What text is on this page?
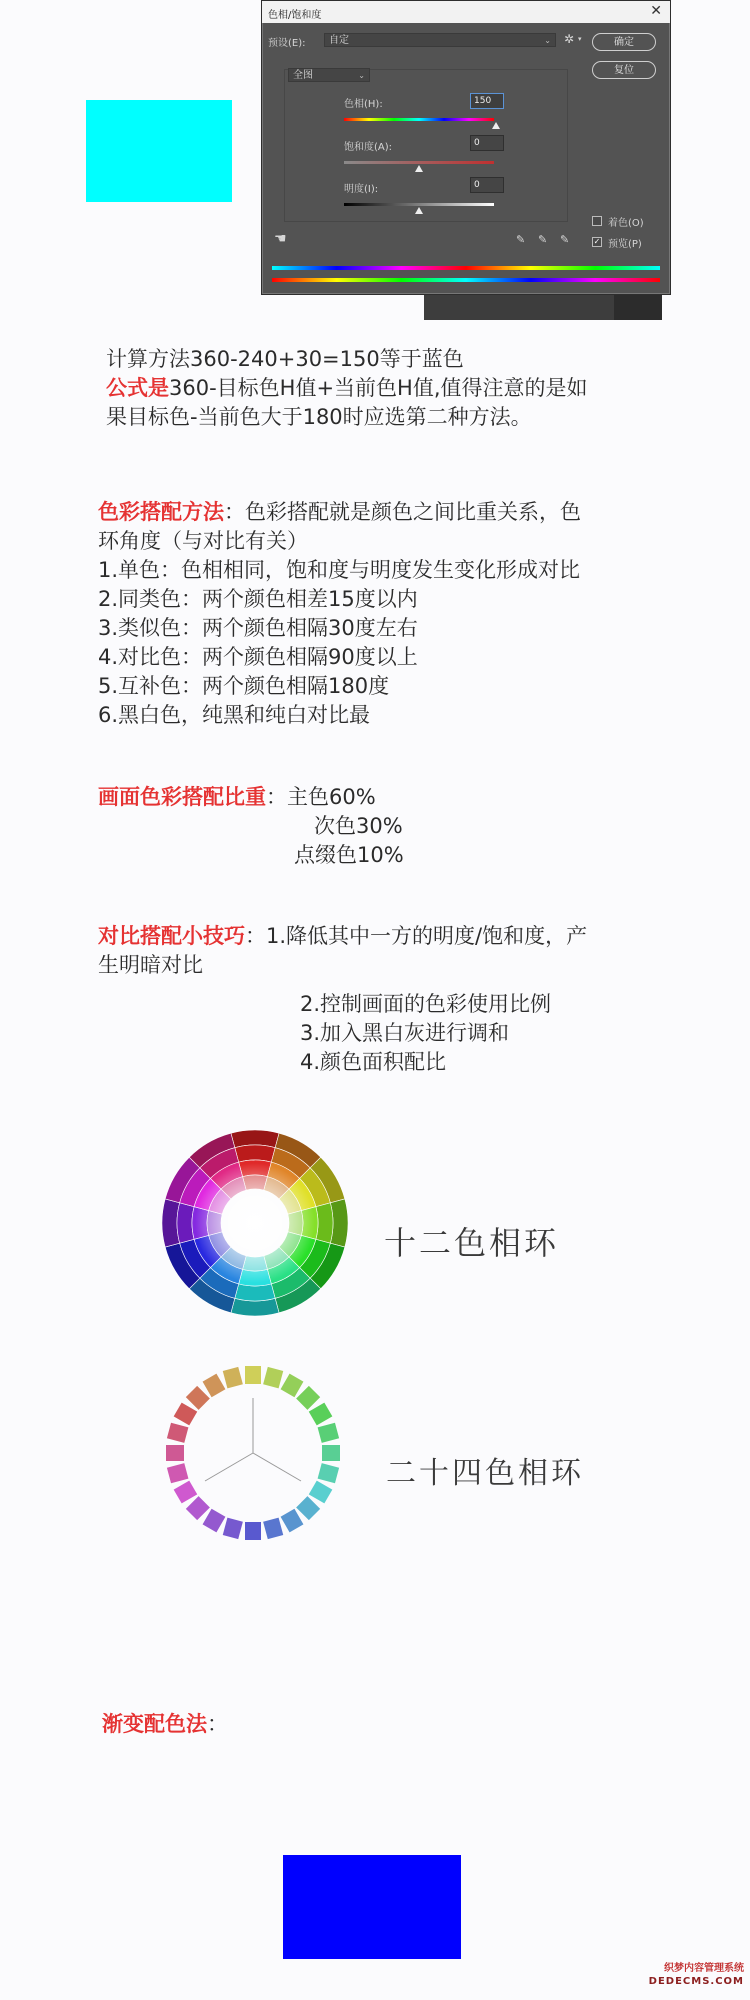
色相/饱和度	✕
预设(E):	自定	⌄ ✲ ▾	确定
复位
全图	⌄
色相(H):	150
饱和度(A):	0
明度(I):	0
☚	✎ ✎ ✎
着色(O)
✓ 预览(P)
计算方法360-240+30=150等于蓝色
公式是360-目标色H值+当前色H值,值得注意的是如
果目标色-当前色大于180时应选第二种方法。
色彩搭配方法：色彩搭配就是颜色之间比重关系，色
环角度（与对比有关）
1.单色：色相相同，饱和度与明度发生变化形成对比
2.同类色：两个颜色相差15度以内
3.类似色：两个颜色相隔30度左右
4.对比色：两个颜色相隔90度以上
5.互补色：两个颜色相隔180度
6.黑白色，纯黑和纯白对比最
画面色彩搭配比重：主色60%
次色30%
点缀色10%
对比搭配小技巧：1.降低其中一方的明度/饱和度，产
生明暗对比
2.控制画面的色彩使用比例
3.加入黑白灰进行调和
4.颜色面积配比
十二色相环
二十四色相环
渐变配色法：
织梦内容管理系统
DEDECMS.COM
